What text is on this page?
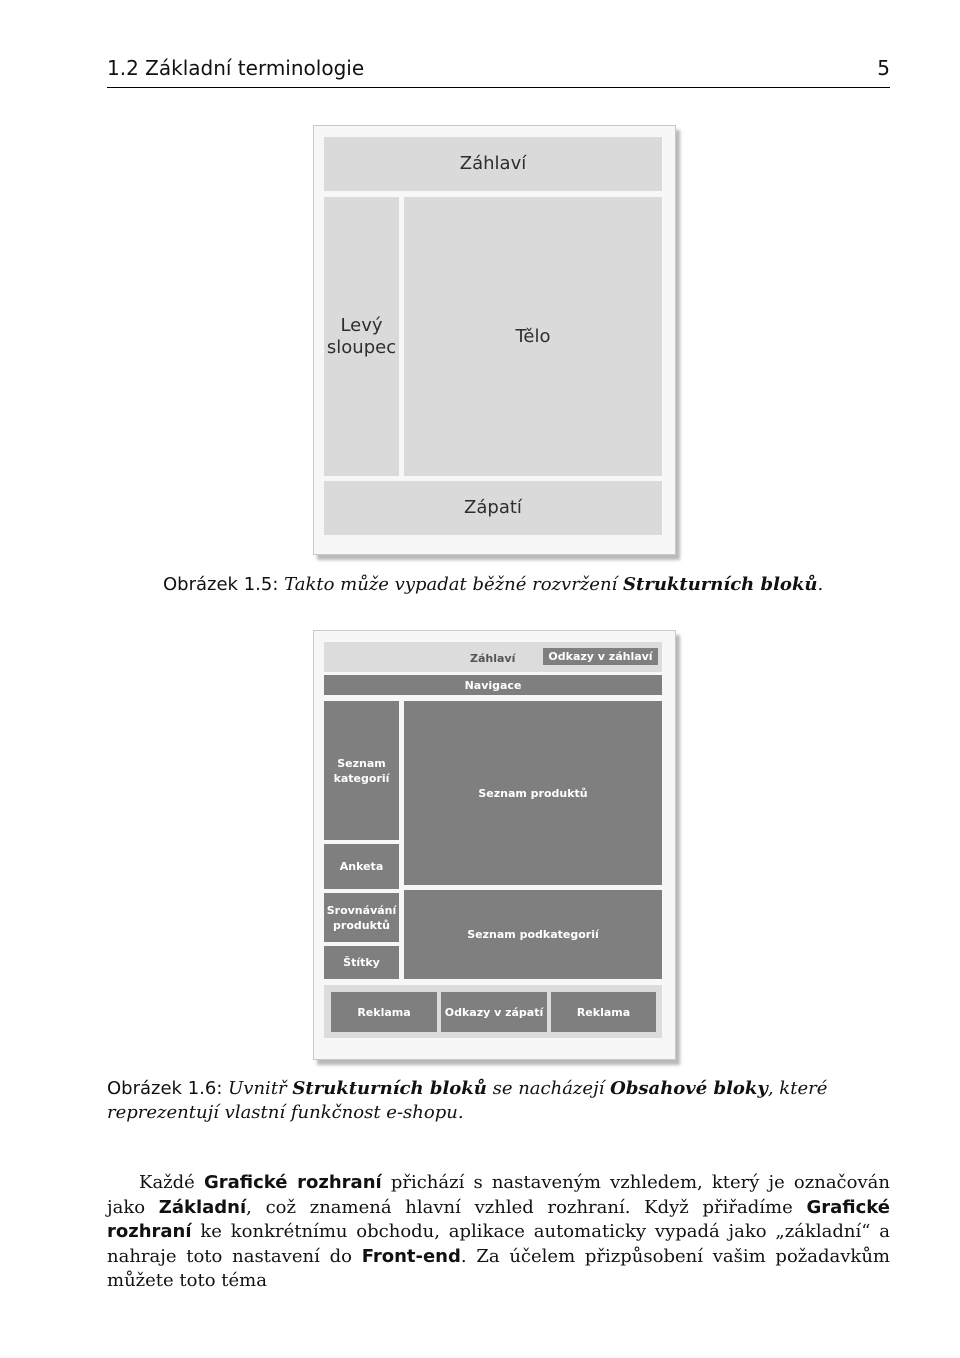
1.2 Základní terminologie	5
Záhlaví
Levý sloupec
Tělo
Zápatí
Obrázek 1.5: Takto může vypadat běžné rozvržení Strukturních bloků.
Záhlaví	Odkazy v záhlaví
Navigace
Seznam kategorií
Seznam produktů
Anketa
Srovnávání produktů
Seznam podkategorií
Štítky
Reklama	Odkazy v zápatí	Reklama
Obrázek 1.6: Uvnitř Strukturních bloků se nacházejí Obsahové bloky, které reprezentují vlastní funkčnost e-shopu.

Každé Grafické rozhraní přichází s nastaveným vzhledem, který je označován jako Základní, což znamená hlavní vzhled rozhraní. Když přiřadíme Grafické rozhraní ke konkrétnímu obchodu, aplikace automaticky vypadá jako „základní“ a nahraje toto nastavení do Front-end. Za účelem přizpůsobení vašim požadavkům můžete toto téma
